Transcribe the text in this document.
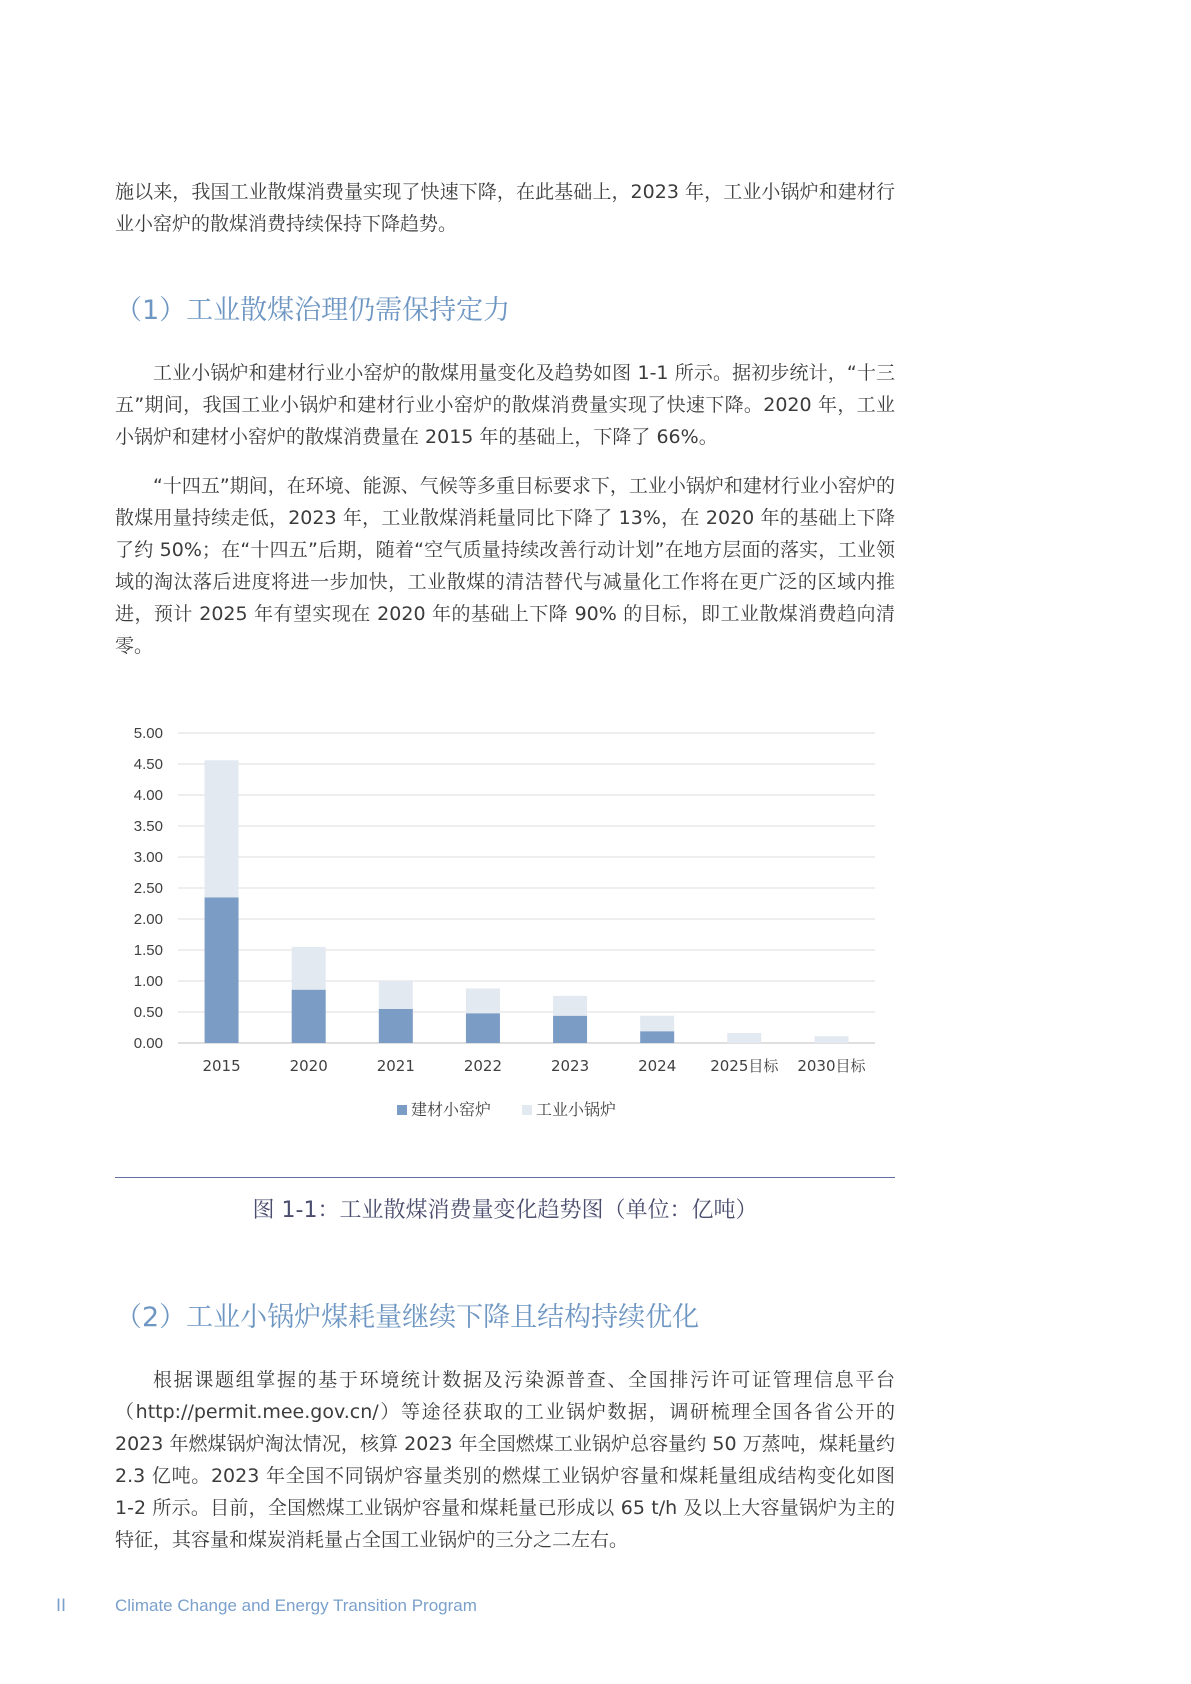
施以来，我国工业散煤消费量实现了快速下降，在此基础上，2023 年，工业小锅炉和建材行业小窑炉的散煤消费持续保持下降趋势。

（1）工业散煤治理仍需保持定力

工业小锅炉和建材行业小窑炉的散煤用量变化及趋势如图 1-1 所示。据初步统计，“十三五”期间，我国工业小锅炉和建材行业小窑炉的散煤消费量实现了快速下降。2020 年，工业小锅炉和建材小窑炉的散煤消费量在 2015 年的基础上，下降了 66%。

“十四五”期间，在环境、能源、气候等多重目标要求下，工业小锅炉和建材行业小窑炉的散煤用量持续走低，2023 年，工业散煤消耗量同比下降了 13%，在 2020 年的基础上下降了约 50%；在“十四五”后期，随着“空气质量持续改善行动计划”在地方层面的落实，工业领域的淘汰落后进度将进一步加快，工业散煤的清洁替代与减量化工作将在更广泛的区域内推进，预计 2025 年有望实现在 2020 年的基础上下降 90% 的目标，即工业散煤消费趋向清零。

0.00
0.50
1.00
1.50
2.00
2.50
3.00
3.50
4.00
4.50
5.00
2015	2020	2021	2022	2023	2024 2025目标 2030目标
建材小窑炉	工业小锅炉
图 1-1：工业散煤消费量变化趋势图（单位：亿吨）
（2）工业小锅炉煤耗量继续下降且结构持续优化

根据课题组掌握的基于环境统计数据及污染源普查、全国排污许可证管理信息平台（http://permit.mee.gov.cn/）等途径获取的工业锅炉数据，调研梳理全国各省公开的 2023 年燃煤锅炉淘汰情况，核算 2023 年全国燃煤工业锅炉总容量约 50 万蒸吨，煤耗量约 2.3 亿吨。2023 年全国不同锅炉容量类别的燃煤工业锅炉容量和煤耗量组成结构变化如图 1-2 所示。目前，全国燃煤工业锅炉容量和煤耗量已形成以 65 t/h 及以上大容量锅炉为主的特征，其容量和煤炭消耗量占全国工业锅炉的三分之二左右。

II	Climate Change and Energy Transition Program
